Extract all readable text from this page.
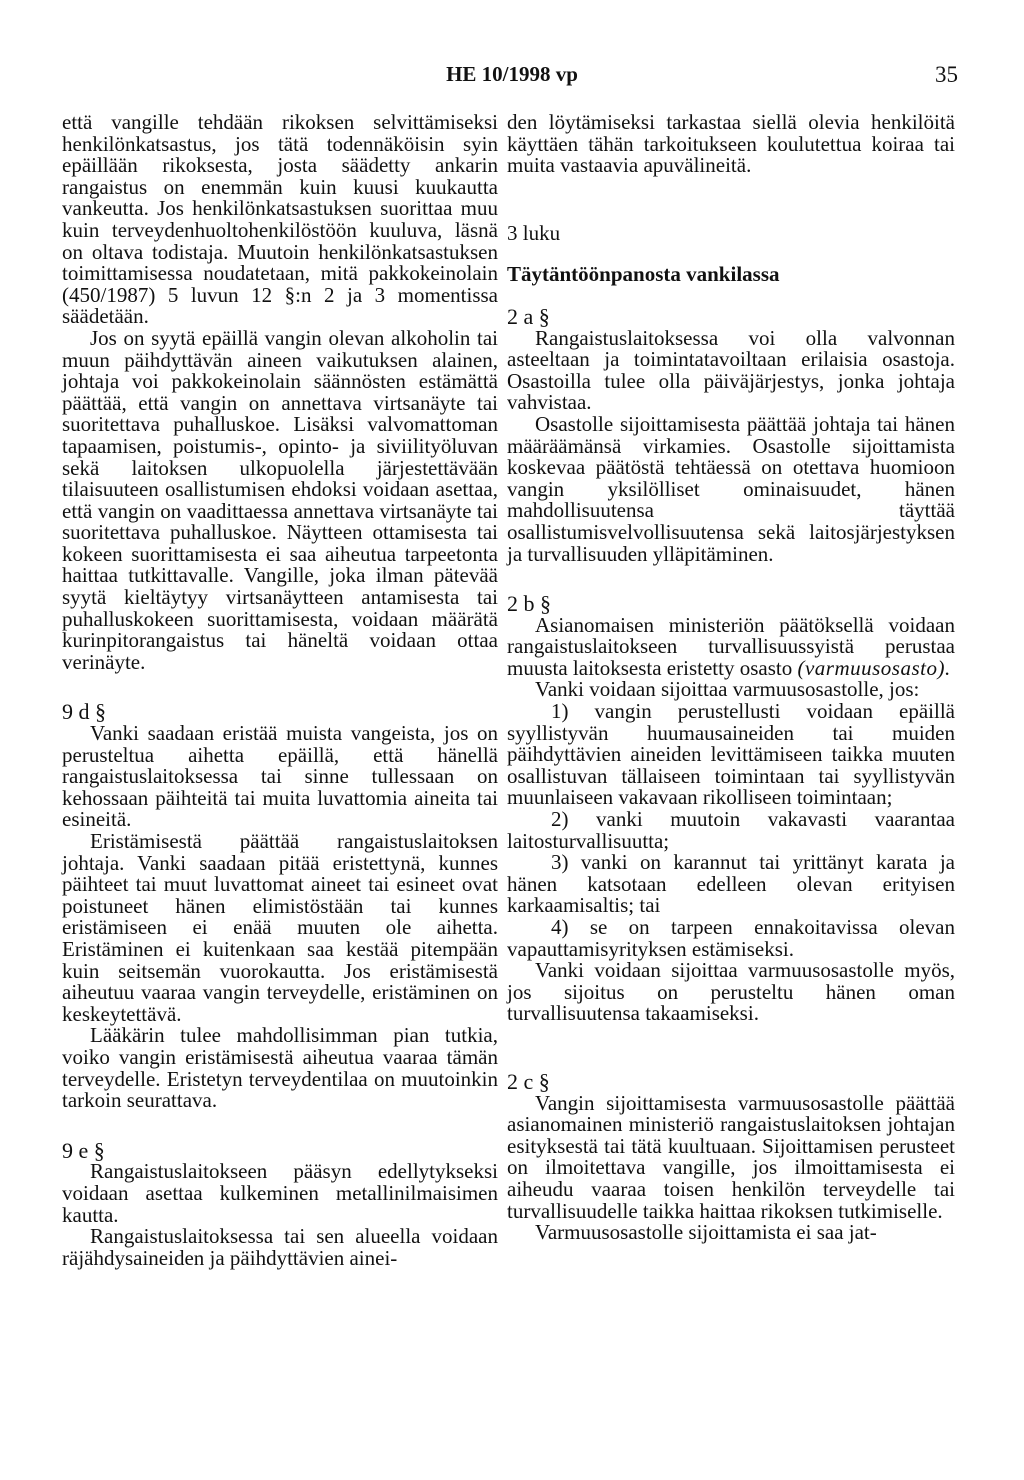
HE 10/1998 vp	35

että vangille tehdään rikoksen selvittämiseksi henkilönkatsastus, jos tätä todennäköisin syin epäillään rikoksesta, josta säädetty ankarin rangaistus on enemmän kuin kuusi kuukautta vankeutta. Jos henkilönkatsastuksen suorittaa muu kuin terveydenhuoltohenkilöstöön kuuluva, läsnä on oltava todistaja. Muutoin henkilönkatsastuksen toimittamisessa noudatetaan, mitä pakkokeinolain (450/1987) 5 luvun 12 §:n 2 ja 3 momentissa säädetään.

Jos on syytä epäillä vangin olevan alkoholin tai muun päihdyttävän aineen vaikutuksen alainen, johtaja voi pakkokeinolain säännösten estämättä päättää, että vangin on annettava virtsanäyte tai suoritettava puhalluskoe. Lisäksi valvomattoman tapaamisen, poistumis-, opinto- ja siviilityöluvan sekä laitoksen ulkopuolella järjestettävään tilaisuuteen osallistumisen ehdoksi voidaan asettaa, että vangin on vaadittaessa annettava virtsanäyte tai suoritettava puhalluskoe. Näytteen ottamisesta tai kokeen suorittamisesta ei saa aiheutua tarpeetonta haittaa tutkittavalle. Vangille, joka ilman pätevää syytä kieltäytyy virtsanäytteen antamisesta tai puhalluskokeen suorittamisesta, voidaan määrätä kurinpitorangaistus tai häneltä voidaan ottaa verinäyte.

9 d §

Vanki saadaan eristää muista vangeista, jos on perusteltua aihetta epäillä, että hänellä rangaistuslaitoksessa tai sinne tullessaan on kehossaan päihteitä tai muita luvattomia aineita tai esineitä.

Eristämisestä päättää rangaistuslaitoksen johtaja. Vanki saadaan pitää eristettynä, kunnes päihteet tai muut luvattomat aineet tai esineet ovat poistuneet hänen elimistöstään tai kunnes eristämiseen ei enää muuten ole aihetta. Eristäminen ei kuitenkaan saa kestää pitempään kuin seitsemän vuorokautta. Jos eristämisestä aiheutuu vaaraa vangin terveydelle, eristäminen on keskeytettävä.

Lääkärin tulee mahdollisimman pian tutkia, voiko vangin eristämisestä aiheutua vaaraa tämän terveydelle. Eristetyn terveydentilaa on muutoinkin tarkoin seurattava.

9 e §

Rangaistuslaitokseen pääsyn edellytykseksi voidaan asettaa kulkeminen metallinilmaisimen kautta.

Rangaistuslaitoksessa tai sen alueella voidaan räjähdysaineiden ja päihdyttävien ainei-

den löytämiseksi tarkastaa siellä olevia henkilöitä käyttäen tähän tarkoitukseen koulutettua koiraa tai muita vastaavia apuvälineitä.

3 luku

Täytäntöönpanosta vankilassa

2 a §

Rangaistuslaitoksessa voi olla valvonnan asteeltaan ja toimintatavoiltaan erilaisia osastoja. Osastoilla tulee olla päiväjärjestys, jonka johtaja vahvistaa.

Osastolle sijoittamisesta päättää johtaja tai hänen määräämänsä virkamies. Osastolle sijoittamista koskevaa päätöstä tehtäessä on otettava huomioon vangin yksilölliset ominaisuudet, hänen mahdollisuutensa täyttää osallistumisvelvollisuutensa sekä laitosjärjestyksen ja turvallisuuden ylläpitäminen.

2 b §

Asianomaisen ministeriön päätöksellä voidaan rangaistuslaitokseen turvallisuussyistä perustaa muusta laitoksesta eristetty osasto (varmuusosasto).

Vanki voidaan sijoittaa varmuusosastolle, jos:

1) vangin perustellusti voidaan epäillä syyllistyvän huumausaineiden tai muiden päihdyttävien aineiden levittämiseen taikka muuten osallistuvan tällaiseen toimintaan tai syyllistyvän muunlaiseen vakavaan rikolliseen toimintaan;

2) vanki muutoin vakavasti vaarantaa laitosturvallisuutta;

3) vanki on karannut tai yrittänyt karata ja hänen katsotaan edelleen olevan erityisen karkaamisaltis; tai

4) se on tarpeen ennakoitavissa olevan vapauttamisyrityksen estämiseksi.

Vanki voidaan sijoittaa varmuusosastolle myös, jos sijoitus on perusteltu hänen oman turvallisuutensa takaamiseksi.

2 c §

Vangin sijoittamisesta varmuusosastolle päättää asianomainen ministeriö rangaistuslaitoksen johtajan esityksestä tai tätä kuultuaan. Sijoittamisen perusteet on ilmoitettava vangille, jos ilmoittamisesta ei aiheudu vaaraa toisen henkilön terveydelle tai turvallisuudelle taikka haittaa rikoksen tutkimiselle.

Varmuusosastolle sijoittamista ei saa jat-
